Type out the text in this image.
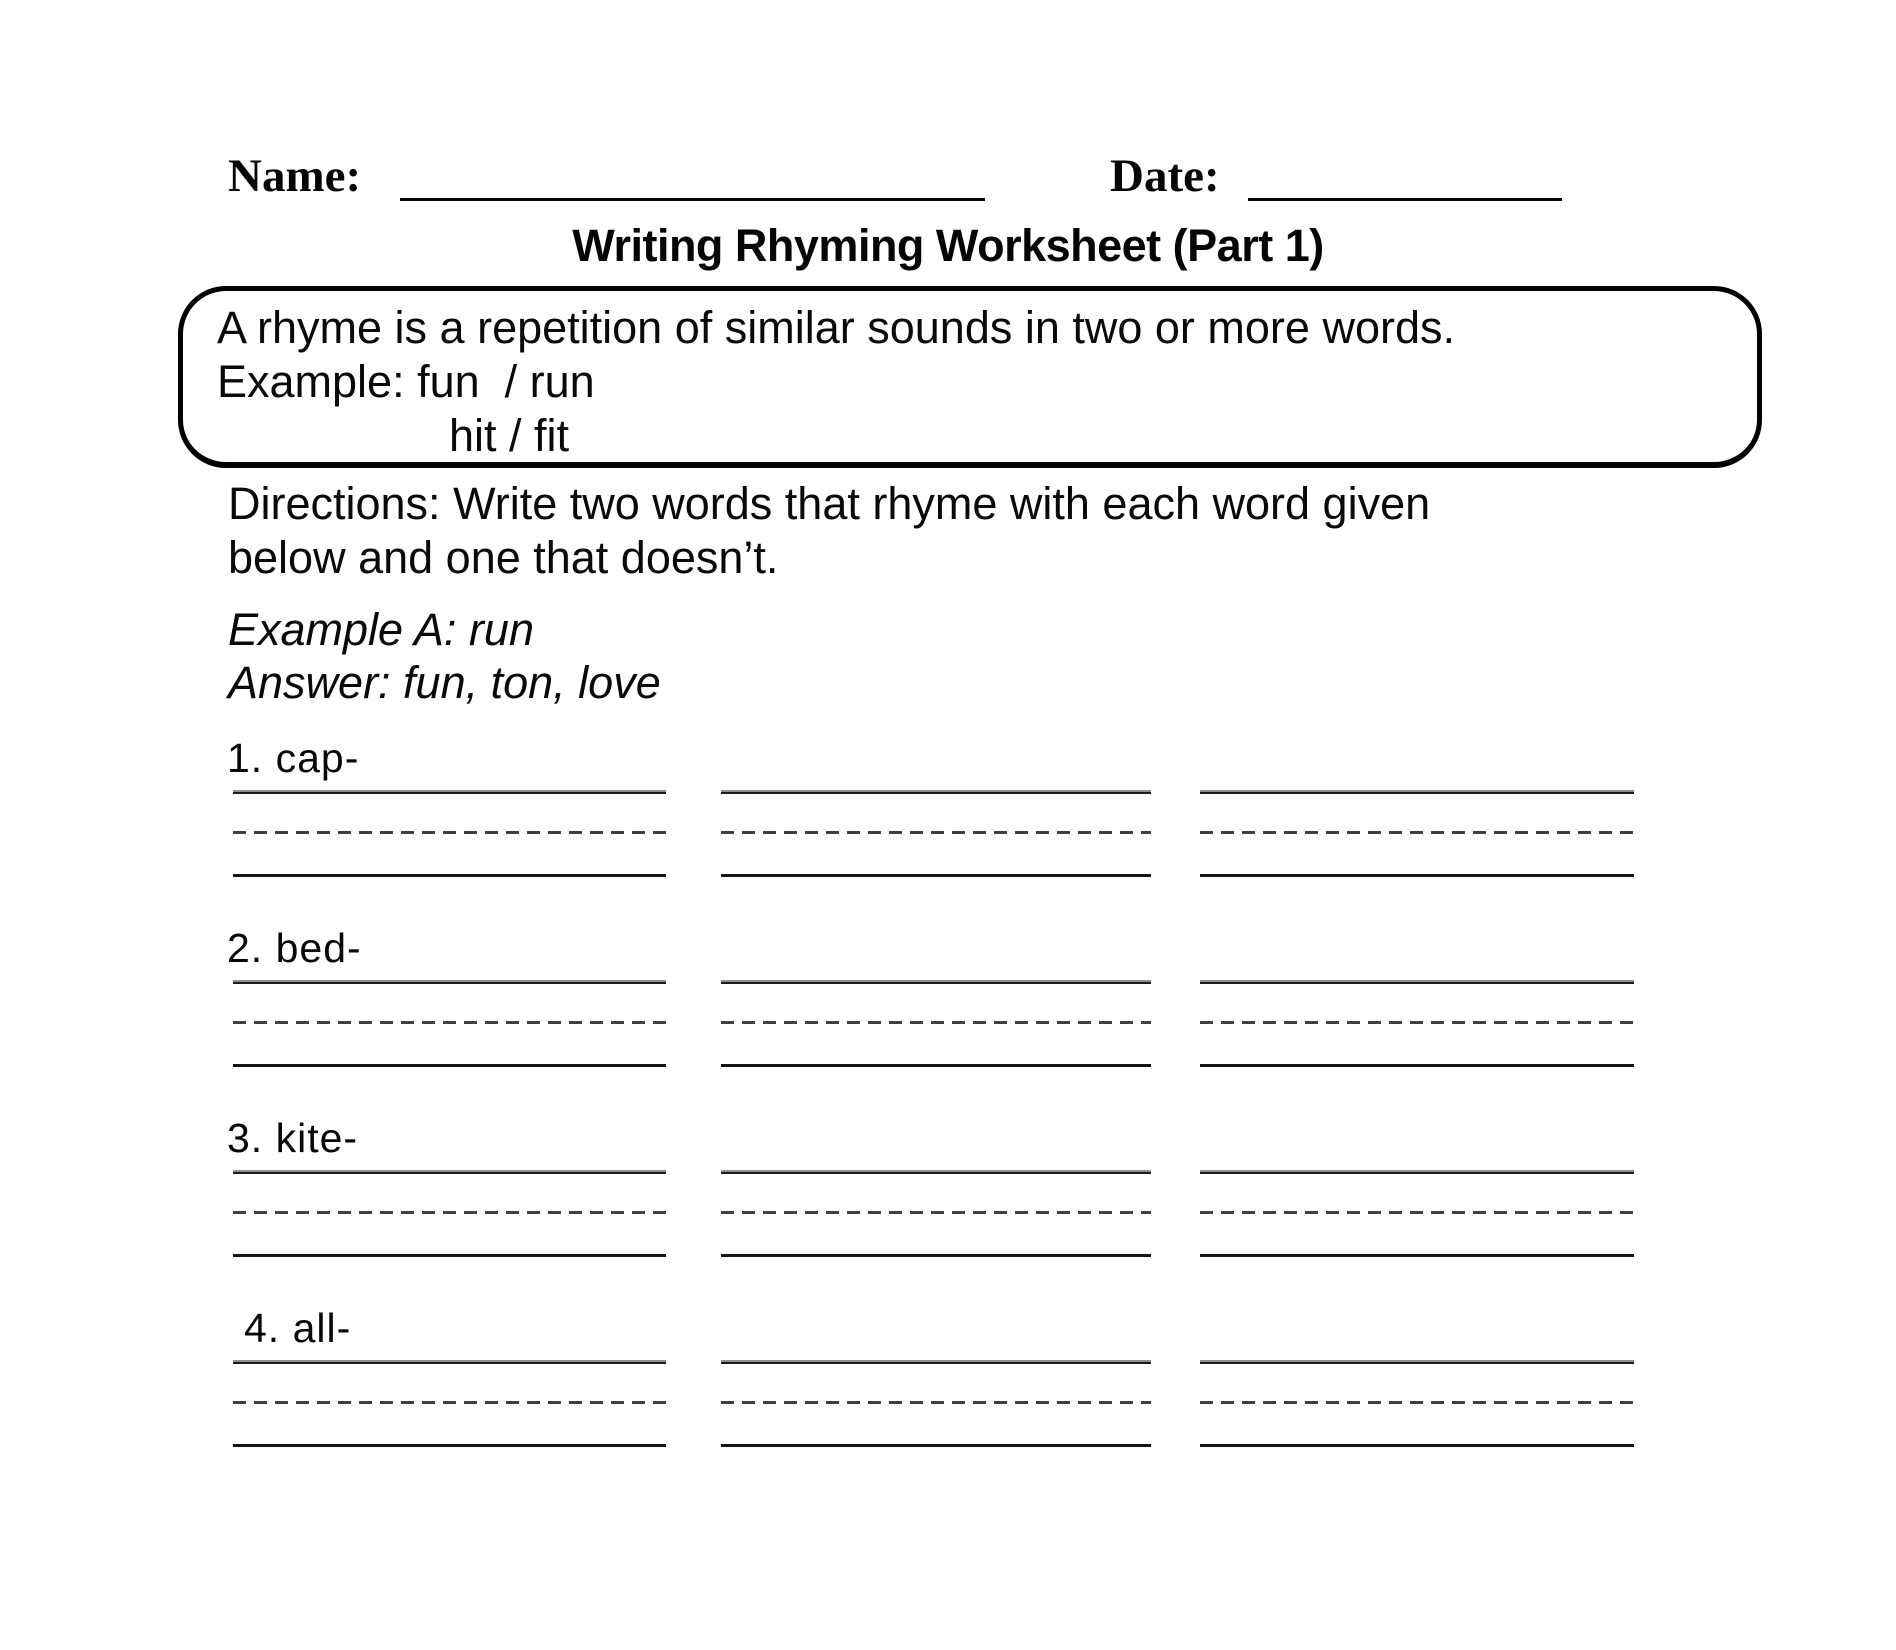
Name:	Date:
Writing Rhyming Worksheet (Part 1)
A rhyme is a repetition of similar sounds in two or more words.
Example: fun  / run
hit / fit
Directions: Write two words that rhyme with each word given
below and one that doesn’t.
Example A: run
Answer: fun, ton, love
1. cap-
2. bed-
3. kite-
4. all-
